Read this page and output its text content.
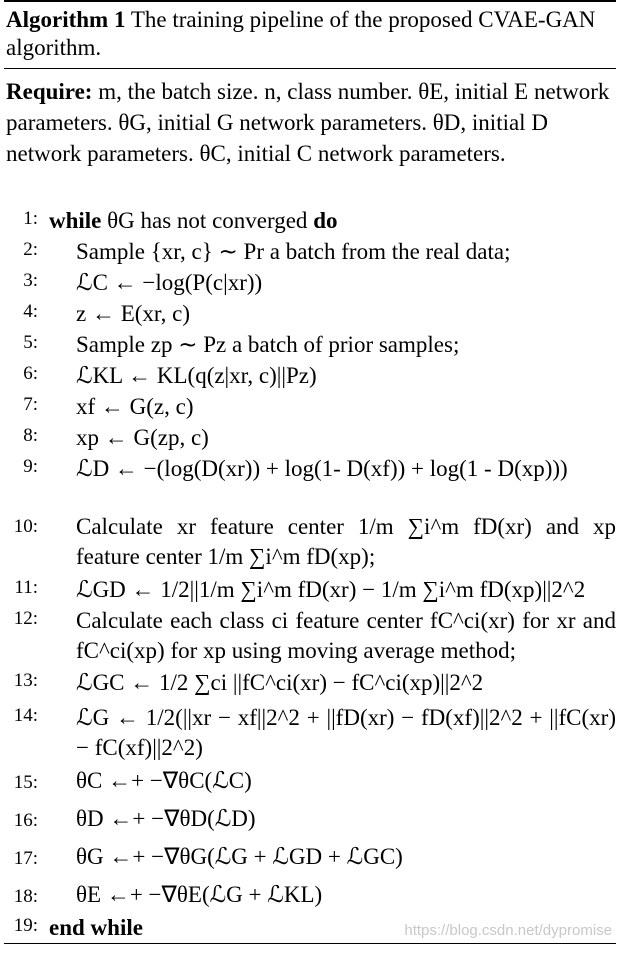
Algorithm 1 The training pipeline of the proposed CVAE-GAN algorithm.
Require: m, the batch size. n, class number. θE, initial E network parameters. θG, initial G network parameters. θD, initial D network parameters. θC, initial C network parameters.
1: while θG has not converged do
2: Sample {xr, c} ∼ Pr a batch from the real data;
3: ℒC ← −log(P(c|xr))
4: z ← E(xr, c)
5: Sample zp ∼ Pz a batch of prior samples;
6: ℒKL ← KL(q(z|xr, c)||Pz)
7: xf ← G(z, c)
8: xp ← G(zp, c)
9: ℒD ← −(log(D(xr)) + log(1- D(xf)) + log(1 - D(xp)))
10: Calculate xr feature center 1/m ∑i^m fD(xr) and xp feature center 1/m ∑i^m fD(xp);
11: ℒGD ← 1/2||1/m ∑i^m fD(xr) − 1/m ∑i^m fD(xp)||2^2
12: Calculate each class ci feature center fC^ci(xr) for xr and fC^ci(xp) for xp using moving average method;
13: ℒGC ← 1/2 ∑ci ||fC^ci(xr) − fC^ci(xp)||2^2
14: ℒG ← 1/2(||xr − xf||2^2 + ||fD(xr) − fD(xf)||2^2 + ||fC(xr) − fC(xf)||2^2)
15: θC ←+ −∇θC(ℒC)
16: θD ←+ −∇θD(ℒD)
17: θG ←+ −∇θG(ℒG + ℒGD + ℒGC)
18: θE ←+ −∇θE(ℒG + ℒKL)
19: end while	https://blog.csdn.net/dypromise
